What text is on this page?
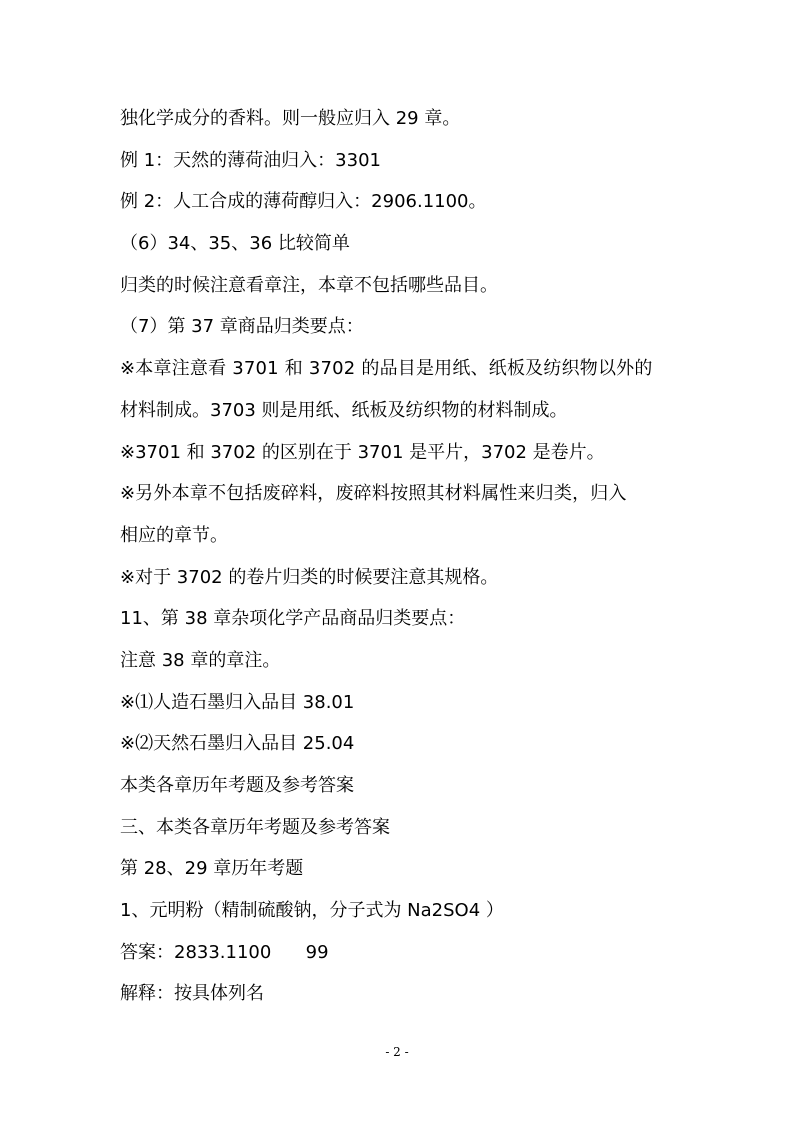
独化学成分的香料。则一般应归入 29 章。
例 1：天然的薄荷油归入：3301
例 2：人工合成的薄荷醇归入：2906.1100。
（6）34、35、36 比较简单
归类的时候注意看章注，本章不包括哪些品目。
（7）第 37 章商品归类要点：
※本章注意看 3701 和 3702 的品目是用纸、纸板及纺织物以外的
材料制成。3703 则是用纸、纸板及纺织物的材料制成。
※3701 和 3702 的区别在于 3701 是平片，3702 是卷片。
※另外本章不包括废碎料，废碎料按照其材料属性来归类，归入
相应的章节。
※对于 3702 的卷片归类的时候要注意其规格。
11、第 38 章杂项化学产品商品归类要点：
注意 38 章的章注。
※⑴人造石墨归入品目 38.01
※⑵天然石墨归入品目 25.04
本类各章历年考题及参考答案
三、本类各章历年考题及参考答案
第 28、29 章历年考题
1、元明粉（精制硫酸钠，分子式为 Na2SO4 ）
答案：2833.1100      99
解释：按具体列名
- 2 -
